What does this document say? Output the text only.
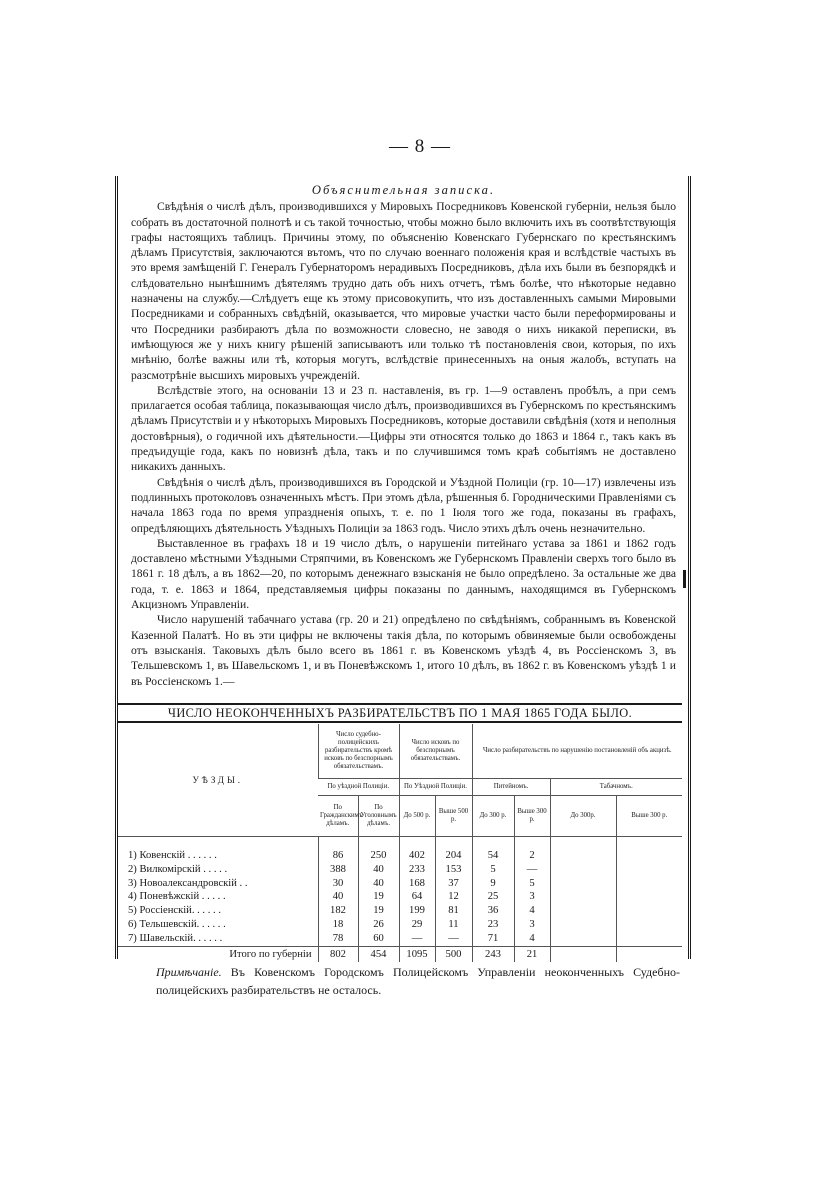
— 8 —

Объяснительная записка.

Свѣдѣнія о числѣ дѣлъ, производившихся у Мировыхъ Посредниковъ Ковенской губерніи, нельзя было собрать въ достаточной полнотѣ и съ такой точностью, чтобы можно было включить ихъ въ соотвѣтствующія графы настоящихъ таблицъ. Причины этому, по объясненію Ковенскаго Губернскаго по крестьянскимъ дѣламъ Присутствія, заключаются вътомъ, что по случаю военнаго положенія края и вслѣдствіе частыхъ въ это время замѣщеній Г. Генералъ Губернаторомъ нерадивыхъ Посредниковъ, дѣла ихъ были въ безпорядкѣ и слѣдовательно нынѣшнимъ дѣятелямъ трудно дать объ нихъ отчетъ, тѣмъ болѣе, что нѣкоторые недавно назначены на службу.—Слѣдуетъ еще къ этому присовокупить, что изъ доставленныхъ самыми Мировыми Посредниками и собранныхъ свѣдѣній, оказывается, что мировые участки часто были переформированы и что Посредники разбираютъ дѣла по возможности словесно, не заводя о нихъ никакой переписки, въ имѣющуюся же у нихъ книгу рѣшеній записываютъ или только тѣ постановленія свои, которыя, по ихъ мнѣнію, болѣе важны или тѣ, которыя могутъ, вслѣдствіе принесенныхъ на оныя жалобъ, вступать на разсмотрѣніе высшихъ мировыхъ учрежденій.

Вслѣдствіе этого, на основаніи 13 и 23 п. наставленія, въ гр. 1—9 оставленъ пробѣлъ, а при семъ прилагается особая таблица, показывающая число дѣлъ, производившихся въ Губернскомъ по крестьянскимъ дѣламъ Присутствіи и у нѣкоторыхъ Мировыхъ Посредниковъ, которые доставили свѣдѣнія (хотя и неполныя достовѣрныя), о годичной ихъ дѣятельности.—Цифры эти относятся только до 1863 и 1864 г., такъ какъ въ предъидущіе года, какъ по новизнѣ дѣла, такъ и по случившимся томъ краѣ событіямъ не доставлено никакихъ данныхъ.

Свѣдѣнія о числѣ дѣлъ, производившихся въ Городской и Уѣздной Полиціи (гр. 10—17) извлечены изъ подлинныхъ протоколовъ означенныхъ мѣстъ. При этомъ дѣла, рѣшенныя б. Городническими Правленіями съ начала 1863 года по время упраздненія опыхъ, т. е. по 1 Іюля того же года, показаны въ графахъ, опредѣляющихъ дѣятельность Уѣздныхъ Полиціи за 1863 годъ. Число этихъ дѣлъ очень незначительно.

Выставленное въ графахъ 18 и 19 число дѣлъ, о нарушеніи питейнаго устава за 1861 и 1862 годъ доставлено мѣстными Уѣздными Стряпчими, въ Ковенскомъ же Губернскомъ Правленіи сверхъ того было въ 1861 г. 18 дѣлъ, а въ 1862—20, по которымъ денежнаго взысканія не было опредѣлено. За остальные же два года, т. е. 1863 и 1864, представляемыя цифры показаны по даннымъ, находящимся въ Губернскомъ Акцизномъ Управленіи.

Число нарушеній табачнаго устава (гр. 20 и 21) опредѣлено по свѣдѣніямъ, собраннымъ въ Ковенской Казенной Палатѣ. Но въ эти цифры не включены такія дѣла, по которымъ обвиняемые были освобождены отъ взысканія. Таковыхъ дѣлъ было всего въ 1861 г. въ Ковенскомъ уѣздѣ 4, въ Россіенскомъ 3, въ Тельшевскомъ 1, въ Шавельскомъ 1, и въ Поневѣжскомъ 1, итого 10 дѣлъ, въ 1862 г. въ Ковенскомъ уѣздѣ 1 и въ Россіенскомъ 1.—

ЧИСЛО НЕОКОНЧЕННЫХЪ РАЗБИРАТЕЛЬСТВЪ ПО 1 МАЯ 1865 ГОДА БЫЛО.
УѢЗДЫ.	Число судебно-полицейскихъ разбирательствъ кромѣ исковъ по безспорнымъ обязательствамъ.		Число исковъ по безспорнымъ обязательствамъ.		Число разбирательствъ по нарушенію постановленій объ акцизѣ.			
	По уѣздной Полиціи.		По Уѣздной Полиціи.		Питейномъ.		Табачномъ.	
	По Гражданскимъ дѣламъ.	По Уголовнымъ дѣламъ.	До 500 р.	Выше 500 р.	До 300 р.	Выше 300 р.	До 300р.	Выше 300 р.

1) Ковенскій . . . . . .	86	250	402	204	54	2		
2) Вилкомірскій . . . . .	388	40	233	153	5	—		
3) Новоалександровскій . .	30	40	168	37	9	5		
4) Поневѣжскій . . . . .	40	19	64	12	25	3		
5) Россіенскій. . . . . .	182	19	199	81	36	4		
6) Тельшевскій. . . . . .	18	26	29	11	23	3		
7) Шавельскій. . . . . .	78	60	—	—	71	4		
Итого по губерніи	802	454	1095	500	243	21		
Примѣчаніе. Въ Ковенскомъ Городскомъ Полицейскомъ Управленіи неоконченныхъ Судебно-полицейскихъ разбирательствъ не осталось.
